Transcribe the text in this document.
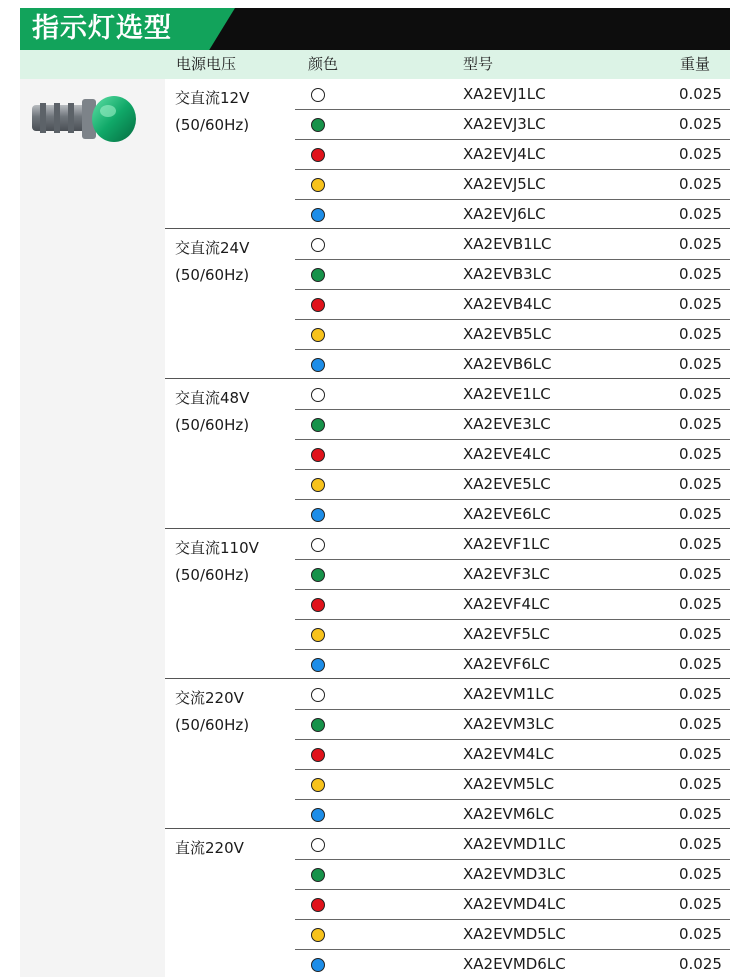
指示灯选型
电源电压	颜色	型号	重量
交直流12V
(50/60Hz)
XA2EVJ1LC	0.025
XA2EVJ3LC	0.025
XA2EVJ4LC	0.025
XA2EVJ5LC	0.025
XA2EVJ6LC	0.025
交直流24V
(50/60Hz)
XA2EVB1LC	0.025
XA2EVB3LC	0.025
XA2EVB4LC	0.025
XA2EVB5LC	0.025
XA2EVB6LC	0.025
交直流48V
(50/60Hz)
XA2EVE1LC	0.025
XA2EVE3LC	0.025
XA2EVE4LC	0.025
XA2EVE5LC	0.025
XA2EVE6LC	0.025
交直流110V
(50/60Hz)
XA2EVF1LC	0.025
XA2EVF3LC	0.025
XA2EVF4LC	0.025
XA2EVF5LC	0.025
XA2EVF6LC	0.025
交流220V
(50/60Hz)
XA2EVM1LC	0.025
XA2EVM3LC	0.025
XA2EVM4LC	0.025
XA2EVM5LC	0.025
XA2EVM6LC	0.025
直流220V	XA2EVMD1LC	0.025
XA2EVMD3LC	0.025
XA2EVMD4LC	0.025
XA2EVMD5LC	0.025
XA2EVMD6LC	0.025
